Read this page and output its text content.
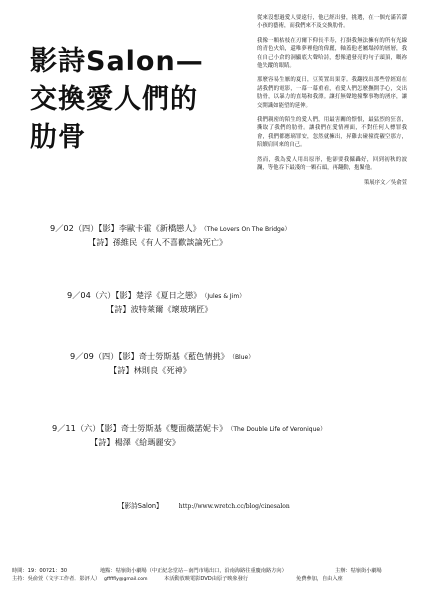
影詩Salon—
交換愛人們的
肋骨

從來沒想過愛人要遠行，他已經出發，挑選，在一個充滿苦澀小孩的藝術，而我們來不及交換肋骨。

我像一顆枯枝在刃爾下仰長半寿，打掛我無法擁有的所有光線的青色火焰，還唯夢裡他的偉麗，軸蓋他老屬塌掉的層層，我在自己小倉的洞顯底大聲哈詩，想像遺發亮的句子頭頂，嘅祢他失蹤的眼睛。

那麼容易生厭的夏日，豆莢置出果芽。我翻找出那些曾經寫在諸我們的電影，一幕一幕重看，看愛人們怎麼撫開手心，交出肋骨，以暴力的直場和我漂。讓打無聲地撞擊事物的湧序，讓交開識如能望的延伸。

我們親密的陌生的愛人們，用最害關的憬恨，最猛烈的狂喜，撕取了我們的肋骨。讓我們在愛情裡面，不對任何人標罪我會，我們都應璃罪安，忽然就擁出，昇雞去碰撞從襯空那方，陪續肩回來的自己。

然而，我為愛人用出原形，他卻要我攝轟好，回到初秋的波瀾，等他吞下最淺的一顆石頭，再翻動，抱緊他。

策展序文／吳俞萱

9／02（四）【影】李歐卡霍《新橋戀人》 （The Lovers On The Bridge）
【詩】孫維民《有人不喜歡談論死亡》
9／04（六）【影】楚浮《夏日之戀》 （Jules & Jim）
【詩】波特萊爾《壞玻璃匠》
9／09（四）【影】奇士勞斯基《藍色情挑》 （Blue）
【詩】林則良《死神》
9／11（六）【影】奇士勞斯基《雙面薇諾妮卡》 （The Double Life of Veronique）
【詩】楊澤《給瑪麗安》
【影詩Salon】	http://www.wretch.cc/blog/cinesalon
時間：19：00?21：30	地點：牯嶺街小劇場（中正紀念堂站－南門市場出口，沿南海路往重慶南路方向）	主辦：牯嶺街小劇場
主持：吳俞萱（文字工作者．影評人） gfffffly@gmail.com	本活動放映電影DVD由原子映象發行	免費參加，自由入座
